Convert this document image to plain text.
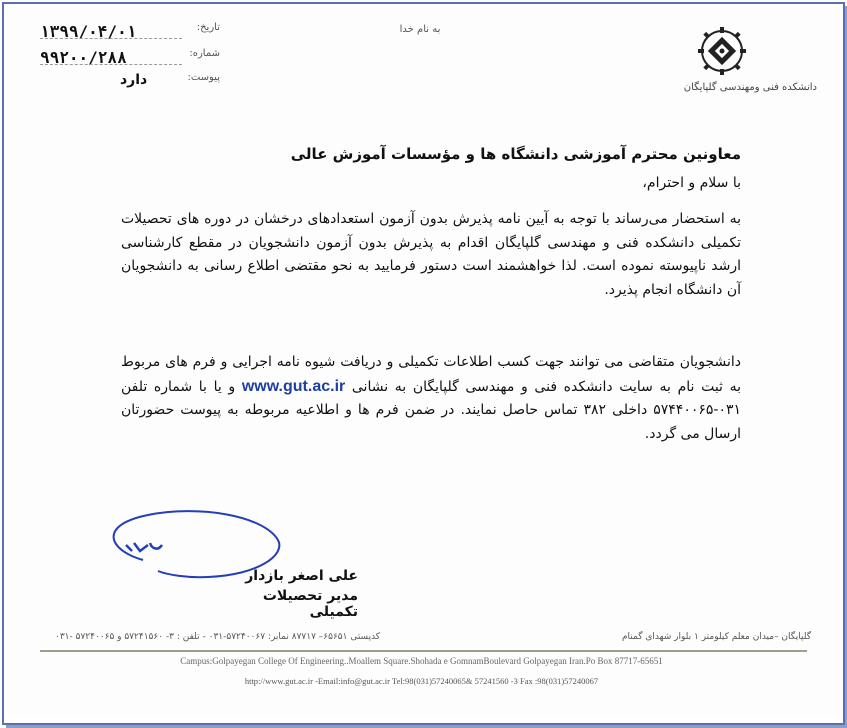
دانشکده فنی ومهندسی گلپایگان
به نام خدا
تاریخ:
۱۳۹۹/۰۴/۰۱
شماره:
۹۹۲۰۰/۲۸۸
پیوست:
دارد
معاونین محترم آموزشی دانشگاه ها و مؤسسات آموزش عالی
با سلام و احترام،
به استحضار می‌رساند با توجه به آیین نامه پذیرش بدون آزمون استعدادهای درخشان در دوره های تحصیلات تکمیلی دانشکده فنی و مهندسی گلپایگان اقدام به پذیرش بدون آزمون دانشجویان در مقطع کارشناسی ارشد ناپیوسته نموده است. لذا خواهشمند است دستور فرمایید به نحو مقتضی اطلاع رسانی به دانشجویان آن دانشگاه انجام پذیرد.
دانشجویان متقاضی می توانند جهت کسب اطلاعات تکمیلی و دریافت شیوه نامه اجرایی و فرم های مربوط به ثبت نام به سایت دانشکده فنی و مهندسی گلپایگان به نشانی www.gut.ac.ir و یا با شماره تلفن ۰۳۱-۵۷۴۴۰۰۶۵ داخلی ۳۸۲ تماس حاصل نمایند. در ضمن فرم ها و اطلاعیه مربوطه به پیوست حضورتان ارسال می گردد.
علی اصغر بازدار
مدیر تحصیلات تکمیلی
گلپایگان –میدان معلم کیلومتر ۱ بلوار شهدای گمنام
کدپستی ۶۵۶۵۱– ۸۷۷۱۷ نمابر: ۵۷۲۴۰۰۶۷-۰۳۱ - تلفن : ۳- ۵۷۲۴۱۵۶۰ و ۵۷۲۴۰۰۶۵ -۰۳۱
Campus:Golpayegan College Of Engineering..Moallem Square.Shohada e GomnamBoulevard Golpayegan Iran.Po Box 87717-65651
http://www.gut.ac.ir -Email:info@gut.ac.ir Tel:98(031)57240065& 57241560 -3 Fax :98(031)57240067
